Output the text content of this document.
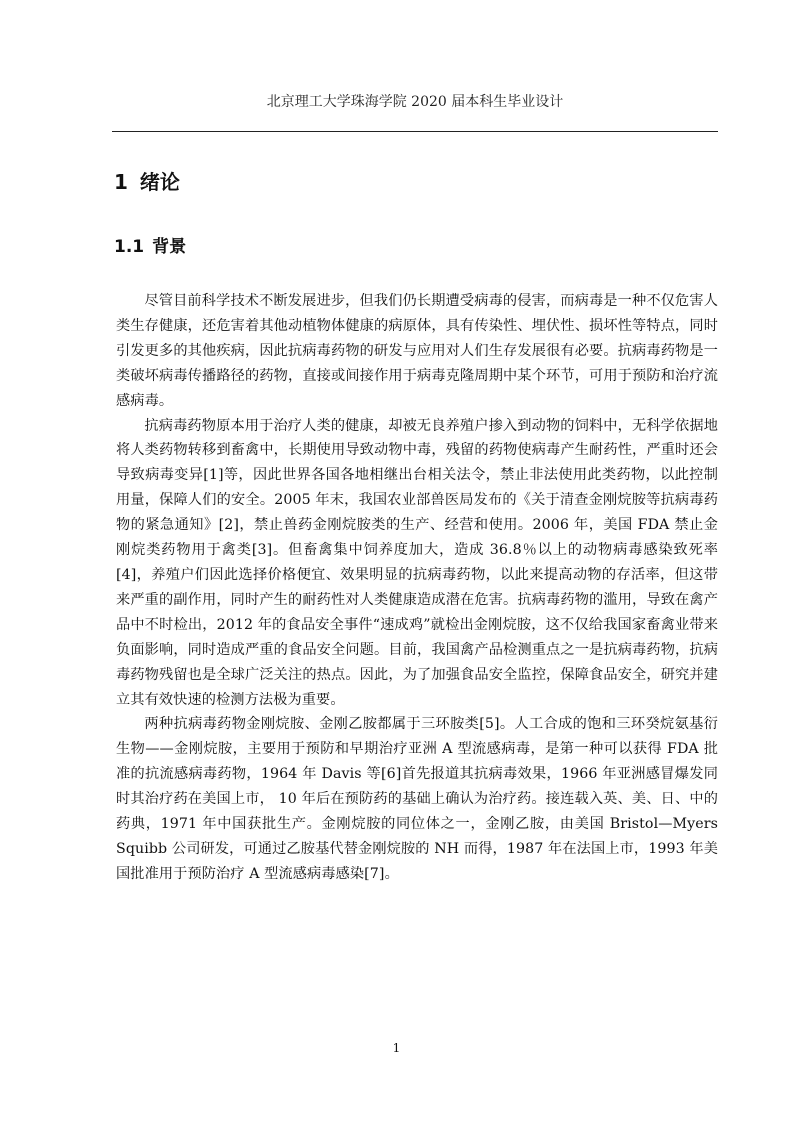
北京理工大学珠海学院 2020 届本科生毕业设计
1 绪论
1.1 背景

尽管目前科学技术不断发展进步，但我们仍长期遭受病毒的侵害，而病毒是一种不仅危害人类生存健康，还危害着其他动植物体健康的病原体，具有传染性、埋伏性、损坏性等特点，同时引发更多的其他疾病，因此抗病毒药物的研发与应用对人们生存发展很有必要。抗病毒药物是一类破坏病毒传播路径的药物，直接或间接作用于病毒克隆周期中某个环节，可用于预防和治疗流感病毒。

抗病毒药物原本用于治疗人类的健康，却被无良养殖户掺入到动物的饲料中，无科学依据地将人类药物转移到畜禽中，长期使用导致动物中毒，残留的药物使病毒产生耐药性，严重时还会导致病毒变异[1]等，因此世界各国各地相继出台相关法令，禁止非法使用此类药物，以此控制用量，保障人们的安全。2005 年末，我国农业部兽医局发布的《关于清查金刚烷胺等抗病毒药物的紧急通知》[2]，禁止兽药金刚烷胺类的生产、经营和使用。2006 年，美国 FDA 禁止金刚烷类药物用于禽类[3]。但畜禽集中饲养度加大，造成 36.8％以上的动物病毒感染致死率[4]，养殖户们因此选择价格便宜、效果明显的抗病毒药物，以此来提高动物的存活率，但这带来严重的副作用，同时产生的耐药性对人类健康造成潜在危害。抗病毒药物的滥用，导致在禽产品中不时检出，2012 年的食品安全事件“速成鸡”就检出金刚烷胺，这不仅给我国家畜禽业带来负面影响，同时造成严重的食品安全问题。目前，我国禽产品检测重点之一是抗病毒药物，抗病毒药物残留也是全球广泛关注的热点。因此，为了加强食品安全监控，保障食品安全，研究并建立其有效快速的检测方法极为重要。

两种抗病毒药物金刚烷胺、金刚乙胺都属于三环胺类[5]。人工合成的饱和三环癸烷氨基衍生物——金刚烷胺，主要用于预防和早期治疗亚洲 A 型流感病毒，是第一种可以获得 FDA 批准的抗流感病毒药物，1964 年 Davis 等[6]首先报道其抗病毒效果，1966 年亚洲感冒爆发同时其治疗药在美国上市， 10 年后在预防药的基础上确认为治疗药。接连载入英、美、日、中的药典，1971 年中国获批生产。金刚烷胺的同位体之一，金刚乙胺，由美国 Bristol—Myers Squibb 公司研发，可通过乙胺基代替金刚烷胺的 NH 而得，1987 年在法国上市，1993 年美国批准用于预防治疗 A 型流感病毒感染[7]。

1
